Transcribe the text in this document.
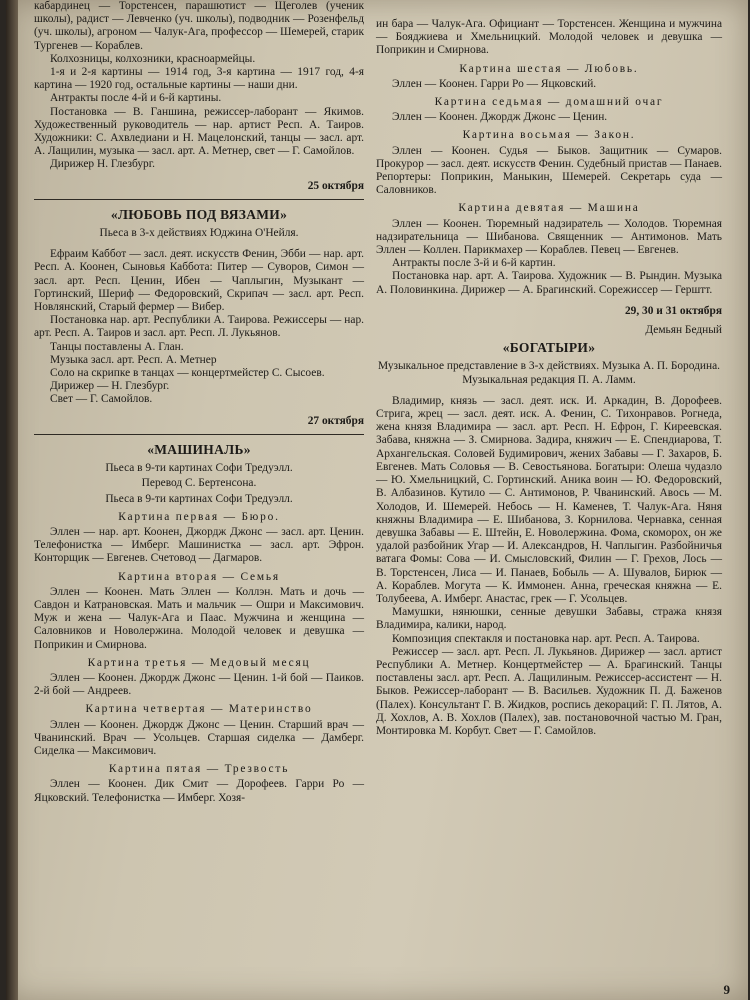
кабардинец — Торстенсен, парашютист — Щеголев (ученик школы), радист — Левченко (уч. школы), подводник — Розенфельд (уч. школы), агроном — Чалук-Ага, профессор — Шемерей, старик Тургенев — Кораблев.

Колхозницы, колхозники, красноармейцы.

1-я и 2-я картины — 1914 год, 3-я картина — 1917 год, 4-я картина — 1920 год, остальные картины — наши дни.

Антракты после 4-й и 6-й картины.

Постановка — В. Ганшина, режиссер-лаборант — Якимов. Художественный руководитель — нар. артист Респ. А. Таиров. Художники: С. Ахвледиани и Н. Мацелонский, танцы — засл. арт. А. Лащилин, музыка — засл. арт. А. Метнер, свет — Г. Самойлов.

Дирижер Н. Глезбург.

25 октября
«ЛЮБОВЬ ПОД ВЯЗАМИ»
Пьеса в 3-х действиях Юджина О'Нейля.

Ефраим Каббот — засл. деят. искусств Фенин, Эбби — нар. арт. Респ. А. Коонен, Сыновья Каббота: Питер — Суворов, Симон — засл. арт. Респ. Ценин, Ибен — Чаплыгин, Музыкант — Гортинский, Шериф — Федоровский, Скрипач — засл. арт. Респ. Новлянский, Старый фермер — Вибер.

Постановка нар. арт. Республики А. Таирова. Режиссеры — нар. арт. Респ. А. Таиров и засл. арт. Респ. Л. Лукьянов.

Танцы поставлены А. Глан.

Музыка засл. арт. Респ. А. Метнер

Соло на скрипке в танцах — концертмейстер С. Сысоев.

Дирижер — Н. Глезбург.

Свет — Г. Самойлов.

27 октября
«МАШИНАЛЬ»
Пьеса в 9-ти картинах Софи Тредуэлл.
Перевод С. Бертенсона.
Пьеса в 9-ти картинах Софи Тредуэлл.
Картина первая — Бюро.

Эллен — нар. арт. Коонен, Джордж Джонс — засл. арт. Ценин. Телефонистка — Имберг. Машинистка — засл. арт. Эфрон. Конторщик — Евгенев. Счетовод — Дагмаров.

Картина вторая — Семья

Эллен — Коонен. Мать Эллен — Коллэн. Мать и дочь — Савдон и Катрановская. Мать и мальчик — Ошри и Максимович. Муж и жена — Чалук-Ага и Паас. Мужчина и женщина — Саловников и Новолержина. Молодой человек и девушка — Поприкин и Смирнова.

Картина третья — Медовый месяц

Эллен — Коонен. Джордж Джонс — Ценин. 1-й бой — Паиков. 2-й бой — Андреев.

Картина четвертая — Материнство

Эллен — Коонен. Джордж Джонс — Ценин. Старший врач — Чванинский. Врач — Усольцев. Старшая сиделка — Дамберг. Сиделка — Максимович.

Картина пятая — Трезвость

Эллен — Коонен. Дик Смит — Дорофеев. Гарри Ро — Яцковский. Телефонистка — Имберг. Хозя-

ин бара — Чалук-Ага. Официант — Торстенсен. Женщина и мужчина — Бояджиева и Хмельницкий. Молодой человек и девушка — Поприкин и Смирнова.

Картина шестая — Любовь.

Эллен — Коонен. Гарри Ро — Яцковский.

Картина седьмая — домашний очаг

Эллен — Коонен. Джордж Джонс — Ценин.

Картина восьмая — Закон.

Эллен — Коонен. Судья — Быков. Защитник — Сумаров. Прокурор — засл. деят. искусств Фенин. Судебный пристав — Панаев. Репортеры: Поприкин, Маныкин, Шемерей. Секретарь суда — Саловников.

Картина девятая — Машина

Эллен — Коонен. Тюремный надзиратель — Холодов. Тюремная надзирательница — Шибанова. Священник — Антимонов. Мать Эллен — Коллен. Парикмахер — Кораблев. Певец — Евгенев.

Антракты после 3-й и 6-й картин.

Постановка нар. арт. А. Таирова. Художник — В. Рындин. Музыка А. Половинкина. Дирижер — А. Брагинский. Сорежиссер — Герштт.

29, 30 и 31 октября
Демьян Бедный
«БОГАТЫРИ»
Музыкальное представление в 3-х действиях. Музыка А. П. Бородина. Музыкальная редакция П. А. Ламм.

Владимир, князь — засл. деят. иск. И. Аркадин, В. Дорофеев. Стрига, жрец — засл. деят. иск. А. Фенин, С. Тихонравов. Рогнеда, жена князя Владимира — засл. арт. Респ. Н. Ефрон, Г. Киреевская. Забава, княжна — З. Смирнова. Задира, княжич — Е. Спендиарова, Т. Архангельская. Соловей Будимирович, жених Забавы — Г. Захаров, Б. Евгенев. Мать Соловья — В. Севостьянова. Богатыри: Олеша чудазло — Ю. Хмельницкий, С. Гортинский. Аника воин — Ю. Федоровский, В. Албазинов. Кутило — С. Антимонов, Р. Чванинский. Авось — М. Холодов, И. Шемерей. Небось — Н. Каменев, Т. Чалук-Ага. Няня княжны Владимира — Е. Шибанова, З. Корнилова. Чернавка, сенная девушка Забавы — Е. Штейн, Е. Новолержина. Фома, скоморох, он же удалой разбойник Угар — И. Александров, Н. Чаплыгин. Разбойничья ватага Фомы: Сова — И. Смысловский, Филин — Г. Грехов, Лось — В. Торстенсен, Лиса — И. Панаев, Бобыль — А. Шувалов, Бирюк — А. Кораблев. Могута — К. Иммонен. Анна, греческая княжна — Е. Толубеева, А. Имберг. Анастас, грек — Г. Усольцев.

Мамушки, нянюшки, сенные девушки Забавы, стража князя Владимира, калики, народ.

Композиция спектакля и постановка нар. арт. Респ. А. Таирова.

Режиссер — засл. арт. Респ. Л. Лукьянов. Дирижер — засл. артист Республики А. Метнер. Концертмейстер — А. Брагинский. Танцы поставлены засл. арт. Респ. А. Лащилиным. Режиссер-ассистент — Н. Быков. Режиссер-лаборант — В. Васильев. Художник П. Д. Баженов (Палех). Консультант Г. В. Жидков, роспись декораций: Г. П. Лятов, А. Д. Хохлов, А. В. Хохлов (Палех), зав. постановочной частью М. Гран, Монтировка М. Корбут. Свет — Г. Самойлов.

9
